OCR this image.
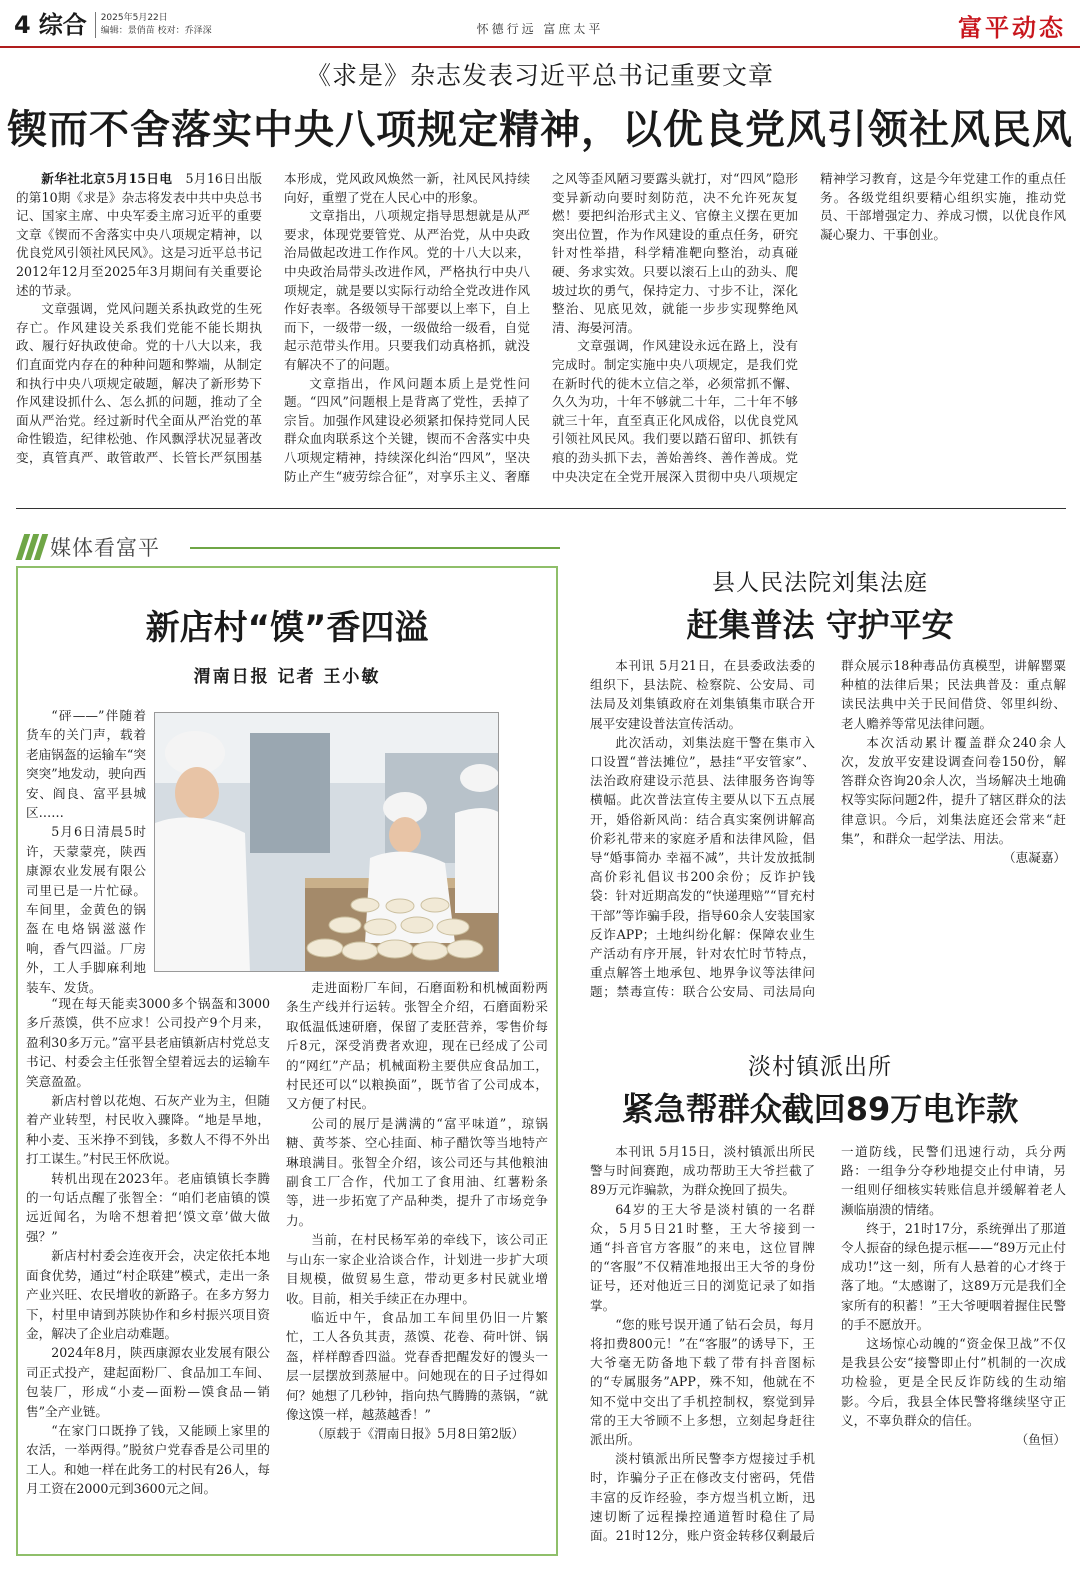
4 综合 2025年5月22日
编辑：景俏苗 校对：乔泽深	怀德行远 富庶太平	富平动态
《求是》杂志发表习近平总书记重要文章
锲而不舍落实中央八项规定精神，以优良党风引领社风民风

新华社北京5月15日电　 5月16日出版的第10期《求是》杂志将发表中共中央总书记、国家主席、中央军委主席习近平的重要文章《锲而不舍落实中央八项规定精神，以优良党风引领社风民风》。这是习近平总书记2012年12月至2025年3月期间有关重要论述的节录。

文章强调，党风问题关系执政党的生死存亡。作风建设关系我们党能不能长期执政、履行好执政使命。党的十八大以来，我们直面党内存在的种种问题和弊端，从制定和执行中央八项规定破题，解决了新形势下作风建设抓什么、怎么抓的问题，推动了全面从严治党。经过新时代全面从严治党的革命性锻造，纪律松弛、作风飘浮状况显著改变，真管真严、敢管敢严、长管长严氛围基本形成，党风政风焕然一新，社风民风持续向好，重塑了党在人民心中的形象。

文章指出，八项规定指导思想就是从严要求，体现党要管党、从严治党，从中央政治局做起改进工作作风。党的十八大以来，中央政治局带头改进作风，严格执行中央八项规定，就是要以实际行动给全党改进作风作好表率。各级领导干部要以上率下，自上而下，一级带一级，一级做给一级看，自觉起示范带头作用。只要我们动真格抓，就没有解决不了的问题。

文章指出，作风问题本质上是党性问题。“四风”问题根上是背离了党性，丢掉了宗旨。加强作风建设必须紧扣保持党同人民群众血肉联系这个关键，锲而不舍落实中央八项规定精神，持续深化纠治“四风”，坚决防止产生“疲劳综合征”，对享乐主义、奢靡之风等歪风陋习要露头就打，对“四风”隐形变异新动向要时刻防范，决不允许死灰复燃！要把纠治形式主义、官僚主义摆在更加突出位置，作为作风建设的重点任务，研究针对性举措，科学精准靶向整治，动真碰硬、务求实效。只要以滚石上山的劲头、爬坡过坎的勇气，保持定力、寸步不让，深化整治、见底见效，就能一步步实现弊绝风清、海晏河清。

文章强调，作风建设永远在路上，没有完成时。制定实施中央八项规定，是我们党在新时代的徙木立信之举，必须常抓不懈、久久为功，十年不够就二十年，二十年不够就三十年，直至真正化风成俗，以优良党风引领社风民风。我们要以踏石留印、抓铁有痕的劲头抓下去，善始善终、善作善成。党中央决定在全党开展深入贯彻中央八项规定精神学习教育，这是今年党建工作的重点任务。各级党组织要精心组织实施，推动党员、干部增强定力、养成习惯，以优良作风凝心聚力、干事创业。

媒体看富平
新店村“馍”香四溢
渭南日报 记者 王小敏

“砰——”伴随着货车的关门声，载着老庙锅盔的运输车“突突突”地发动，驶向西安、阎良、富平县城区……

5月6日清晨5时许，天蒙蒙亮，陕西康源农业发展有限公司里已是一片忙碌。车间里，金黄色的锅盔在电烙锅滋滋作响，香气四溢。厂房外，工人手脚麻利地装车、发货。

“现在每天能卖3000多个锅盔和3000多斤蒸馍，供不应求！公司投产9个月来，盈利30多万元。”富平县老庙镇新店村党总支书记、村委会主任张智全望着远去的运输车笑意盈盈。

新店村曾以花炮、石灰产业为主，但随着产业转型，村民收入骤降。“地是旱地，种小麦、玉米挣不到钱，多数人不得不外出打工谋生。”村民王怀欣说。

转机出现在2023年。老庙镇镇长李腾的一句话点醒了张智全：“咱们老庙镇的馍远近闻名，为啥不想着把‘馍文章’做大做强？”

新店村村委会连夜开会，决定依托本地面食优势，通过“村企联建”模式，走出一条产业兴旺、农民增收的新路子。在多方努力下，村里申请到苏陕协作和乡村振兴项目资金，解决了企业启动难题。

2024年8月，陕西康源农业发展有限公司正式投产，建起面粉厂、食品加工车间、包装厂，形成“小麦—面粉—馍食品—销售”全产业链。

“在家门口既挣了钱，又能顾上家里的农活，一举两得。”脱贫户党春香是公司里的工人。和她一样在此务工的村民有26人，每月工资在2000元到3600元之间。

走进面粉厂车间，石磨面粉和机械面粉两条生产线并行运转。张智全介绍，石磨面粉采取低温低速研磨，保留了麦胚营养，零售价每斤8元，深受消费者欢迎，现在已经成了公司的“网红”产品；机械面粉主要供应食品加工，村民还可以“以粮换面”，既节省了公司成本，又方便了村民。

公司的展厅是满满的“富平味道”，琼锅糖、黄芩茶、空心挂面、柿子醋饮等当地特产琳琅满目。张智全介绍，该公司还与其他粮油副食工厂合作，代加工了食用油、红薯粉条等，进一步拓宽了产品种类，提升了市场竞争力。

当前，在村民杨军弟的牵线下，该公司正与山东一家企业洽谈合作，计划进一步扩大项目规模，做贸易生意，带动更多村民就业增收。目前，相关手续正在办理中。

临近中午，食品加工车间里仍旧一片繁忙，工人各负其责，蒸馍、花卷、荷叶饼、锅盔，样样醇香四溢。党春香把醒发好的馒头一层一层摆放到蒸屉中。问她现在的日子过得如何？她想了几秒钟，指向热气腾腾的蒸锅，“就像这馍一样，越蒸越香！”

（原载于《渭南日报》5月8日第2版）

县人民法院刘集法庭
赶集普法 守护平安

本刊讯 5月21日，在县委政法委的组织下，县法院、检察院、公安局、司法局及刘集镇政府在刘集镇集市联合开展平安建设普法宣传活动。

此次活动，刘集法庭干警在集市入口设置“普法摊位”，悬挂“平安管家”、法治政府建设示范县、法律服务咨询等横幅。此次普法宣传主要从以下五点展开，婚俗新风尚：结合真实案例讲解高价彩礼带来的家庭矛盾和法律风险，倡导“婚事简办 幸福不减”，共计发放抵制高价彩礼倡议书200余份；反诈护钱袋：针对近期高发的“快递理赔”“冒充村干部”等诈骗手段，指导60余人安装国家反诈APP；土地纠纷化解：保障农业生产活动有序开展，针对农忙时节特点，重点解答土地承包、地界争议等法律问题；禁毒宣传：联合公安局、司法局向群众展示18种毒品仿真模型，讲解罂粟种植的法律后果；民法典普及：重点解读民法典中关于民间借贷、邻里纠纷、老人赡养等常见法律问题。

本次活动累计覆盖群众240余人次，发放平安建设调查问卷150份，解答群众咨询20余人次，当场解决土地确权等实际问题2件，提升了辖区群众的法律意识。今后，刘集法庭还会常来“赶集”，和群众一起学法、用法。

（恵凝嘉）

淡村镇派出所
紧急帮群众截回89万电诈款

本刊讯 5月15日，淡村镇派出所民警与时间赛跑，成功帮助王大爷拦截了89万元诈骗款，为群众挽回了损失。

64岁的王大爷是淡村镇的一名群众，5月5日21时整，王大爷接到一通“抖音官方客服”的来电，这位冒牌的“客服”不仅精准地报出王大爷的身份证号，还对他近三日的浏览记录了如指掌。

“您的账号误开通了钻石会员，每月将扣费800元！”在“客服”的诱导下，王大爷毫无防备地下载了带有抖音图标的“专属服务”APP，殊不知，他就在不知不觉中交出了手机控制权，察觉到异常的王大爷顾不上多想，立刻起身赶往派出所。

淡村镇派出所民警李方煜接过手机时，诈骗分子正在修改支付密码，凭借丰富的反诈经验，李方煜当机立断，迅速切断了远程操控通道暂时稳住了局面。21时12分，账户资金转移仅剩最后一道防线，民警们迅速行动，兵分两路：一组争分夺秒地提交止付申请，另一组则仔细核实转账信息并缓解着老人濒临崩溃的情绪。

终于，21时17分，系统弹出了那道令人振奋的绿色提示框——“89万元止付成功!”这一刻，所有人悬着的心才终于落了地。“太感谢了，这89万元是我们全家所有的积蓄！”王大爷哽咽着握住民警的手不愿放开。

这场惊心动魄的“资金保卫战”不仅是我县公安“接警即止付”机制的一次成功检验，更是全民反诈防线的生动缩影。今后，我县全体民警将继续坚守正义，不辜负群众的信任。

（鱼恒）
